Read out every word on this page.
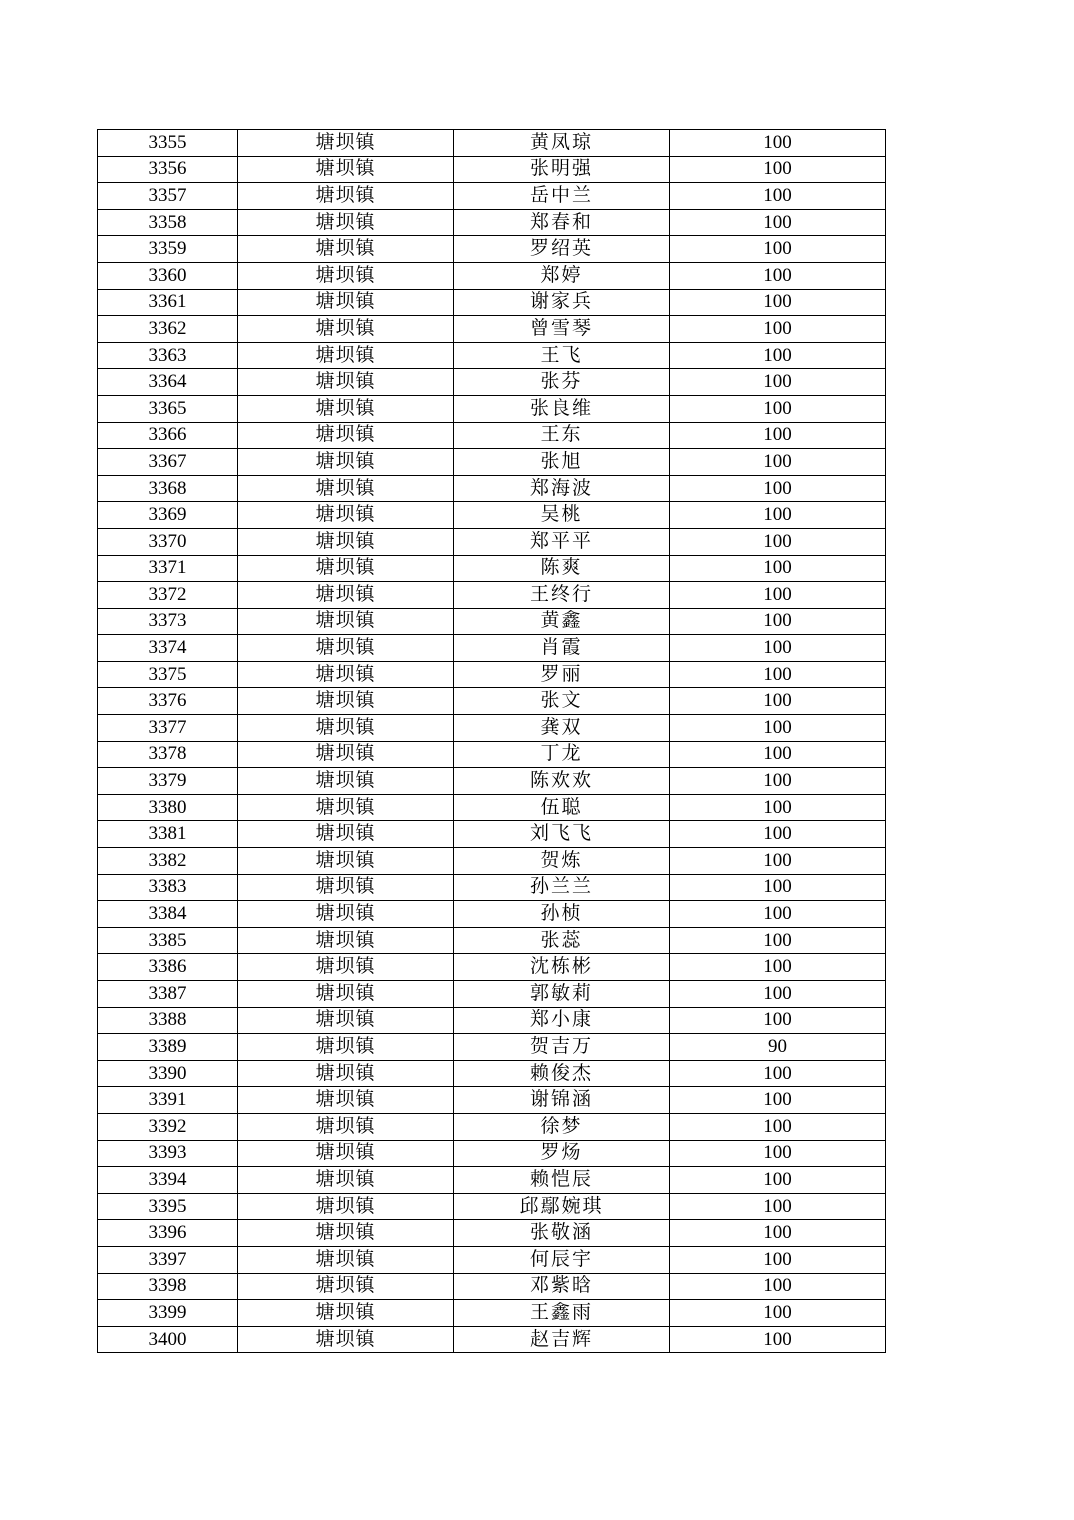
3355	塘坝镇	黄凤琼	100
3356	塘坝镇	张明强	100
3357	塘坝镇	岳中兰	100
3358	塘坝镇	郑春和	100
3359	塘坝镇	罗绍英	100
3360	塘坝镇	郑婷	100
3361	塘坝镇	谢家兵	100
3362	塘坝镇	曾雪琴	100
3363	塘坝镇	王飞	100
3364	塘坝镇	张芬	100
3365	塘坝镇	张良维	100
3366	塘坝镇	王东	100
3367	塘坝镇	张旭	100
3368	塘坝镇	郑海波	100
3369	塘坝镇	吴桃	100
3370	塘坝镇	郑平平	100
3371	塘坝镇	陈爽	100
3372	塘坝镇	王终行	100
3373	塘坝镇	黄鑫	100
3374	塘坝镇	肖霞	100
3375	塘坝镇	罗丽	100
3376	塘坝镇	张文	100
3377	塘坝镇	龚双	100
3378	塘坝镇	丁龙	100
3379	塘坝镇	陈欢欢	100
3380	塘坝镇	伍聪	100
3381	塘坝镇	刘飞飞	100
3382	塘坝镇	贺炼	100
3383	塘坝镇	孙兰兰	100
3384	塘坝镇	孙桢	100
3385	塘坝镇	张蕊	100
3386	塘坝镇	沈栋彬	100
3387	塘坝镇	郭敏莉	100
3388	塘坝镇	郑小康	100
3389	塘坝镇	贺吉万	90
3390	塘坝镇	赖俊杰	100
3391	塘坝镇	谢锦涵	100
3392	塘坝镇	徐梦	100
3393	塘坝镇	罗炀	100
3394	塘坝镇	赖恺辰	100
3395	塘坝镇	邱鄢婉琪	100
3396	塘坝镇	张敬涵	100
3397	塘坝镇	何辰宇	100
3398	塘坝镇	邓紫晗	100
3399	塘坝镇	王鑫雨	100
3400	塘坝镇	赵吉辉	100
